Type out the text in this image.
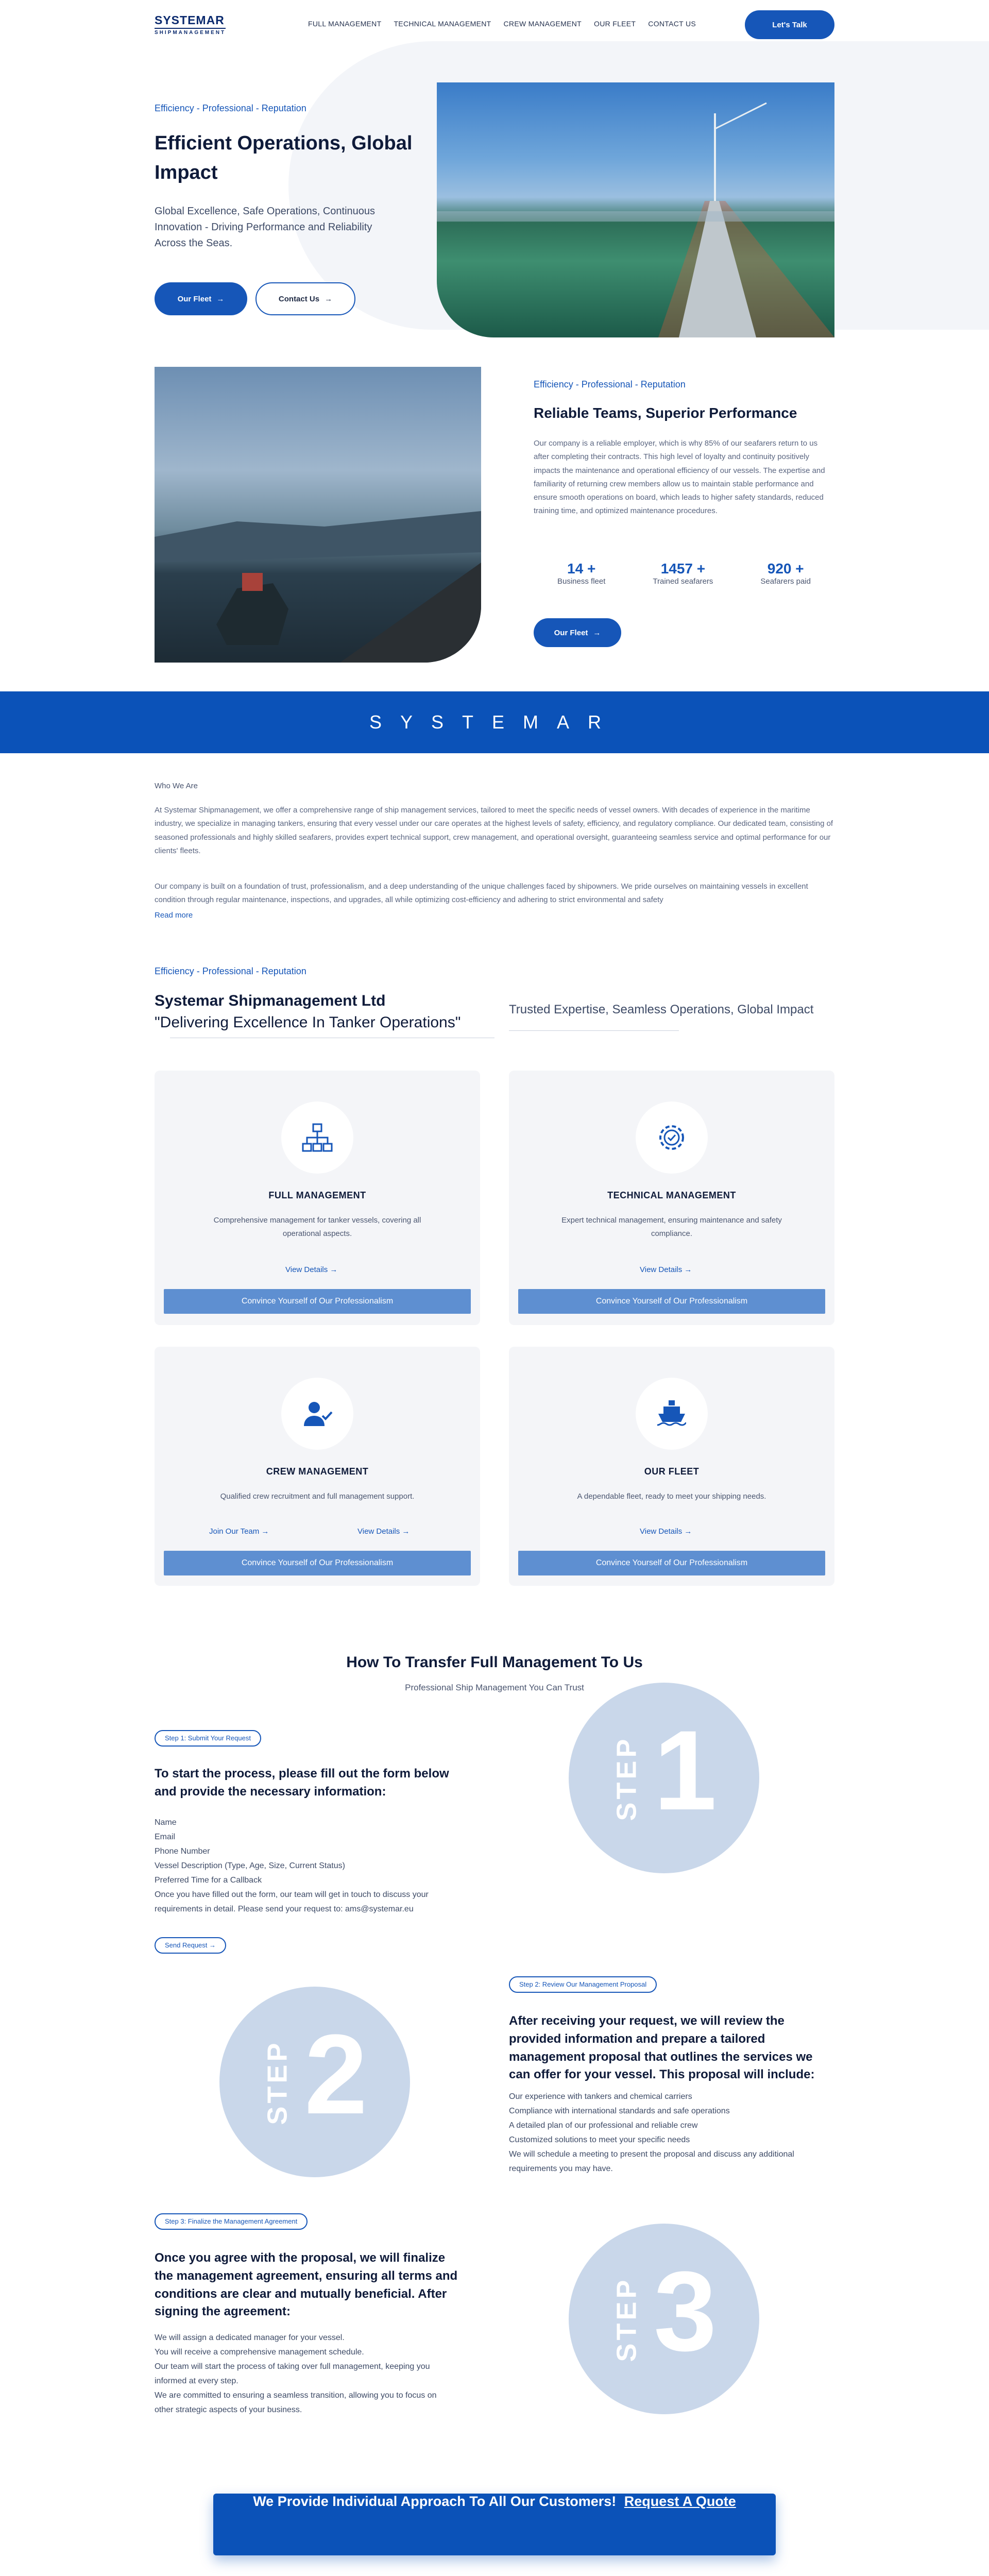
SYSTEMAR
SHIPMANAGEMENT
FULL MANAGEMENT TECHNICAL MANAGEMENT CREW MANAGEMENT OUR FLEET CONTACT US	Let's Talk
Efficiency - Professional - Reputation
Efficient Operations, Global Impact
Global Excellence, Safe Operations, Continuous Innovation - Driving Performance and Reliability Across the Seas.
Our Fleet →	Contact Us →
Efficiency - Professional - Reputation
Reliable Teams, Superior Performance
Our company is a reliable employer, which is why 85% of our seafarers return to us after completing their contracts. This high level of loyalty and continuity positively impacts the maintenance and operational efficiency of our vessels. The expertise and familiarity of returning crew members allow us to maintain stable performance and ensure smooth operations on board, which leads to higher safety standards, reduced training time, and optimized maintenance procedures.
14 +
Business fleet
1457 +
Trained seafarers
920 +
Seafarers paid
Our Fleet →
SYSTEMAR
Who We Are
At Systemar Shipmanagement, we offer a comprehensive range of ship management services, tailored to meet the specific needs of vessel owners. With decades of experience in the maritime industry, we specialize in managing tankers, ensuring that every vessel under our care operates at the highest levels of safety, efficiency, and regulatory compliance. Our dedicated team, consisting of seasoned professionals and highly skilled seafarers, provides expert technical support, crew management, and operational oversight, guaranteeing seamless service and optimal performance for our clients' fleets.
Our company is built on a foundation of trust, professionalism, and a deep understanding of the unique challenges faced by shipowners. We pride ourselves on maintaining vessels in excellent condition through regular maintenance, inspections, and upgrades, all while optimizing cost-efficiency and adhering to strict environmental and safety
Read more
Efficiency - Professional - Reputation
Systemar Shipmanagement Ltd
"Delivering Excellence In Tanker Operations"
Trusted Expertise, Seamless Operations, Global Impact
FULL MANAGEMENT
Comprehensive management for tanker vessels, covering all operational aspects.
View Details →
Convince Yourself of Our Professionalism
TECHNICAL MANAGEMENT
Expert technical management, ensuring maintenance and safety compliance.
View Details →
Convince Yourself of Our Professionalism
CREW MANAGEMENT
Qualified crew recruitment and full management support.
Join Our Team →	View Details →
Convince Yourself of Our Professionalism
OUR FLEET
A dependable fleet, ready to meet your shipping needs.
View Details →
Convince Yourself of Our Professionalism
How To Transfer Full Management To Us
Professional Ship Management You Can Trust
Step 1: Submit Your Request
To start the process, please fill out the form below and provide the necessary information:
Name
Email
Phone Number
Vessel Description (Type, Age, Size, Current Status)
Preferred Time for a Callback
Once you have filled out the form, our team will get in touch to discuss your requirements in detail. Please send your request to: ams@systemar.eu
Send Request →
STEP 1
STEP 2
Step 2: Review Our Management Proposal
After receiving your request, we will review the provided information and prepare a tailored management proposal that outlines the services we can offer for your vessel. This proposal will include:
Our experience with tankers and chemical carriers
Compliance with international standards and safe operations
A detailed plan of our professional and reliable crew
Customized solutions to meet your specific needs
We will schedule a meeting to present the proposal and discuss any additional requirements you may have.
Step 3: Finalize the Management Agreement
Once you agree with the proposal, we will finalize the management agreement, ensuring all terms and conditions are clear and mutually beneficial. After signing the agreement:
We will assign a dedicated manager for your vessel.
You will receive a comprehensive management schedule.
Our team will start the process of taking over full management, keeping you informed at every step.
We are committed to ensuring a seamless transition, allowing you to focus on other strategic aspects of your business.
STEP 3
We Provide Individual Approach To All Our Customers! Request A Quote
